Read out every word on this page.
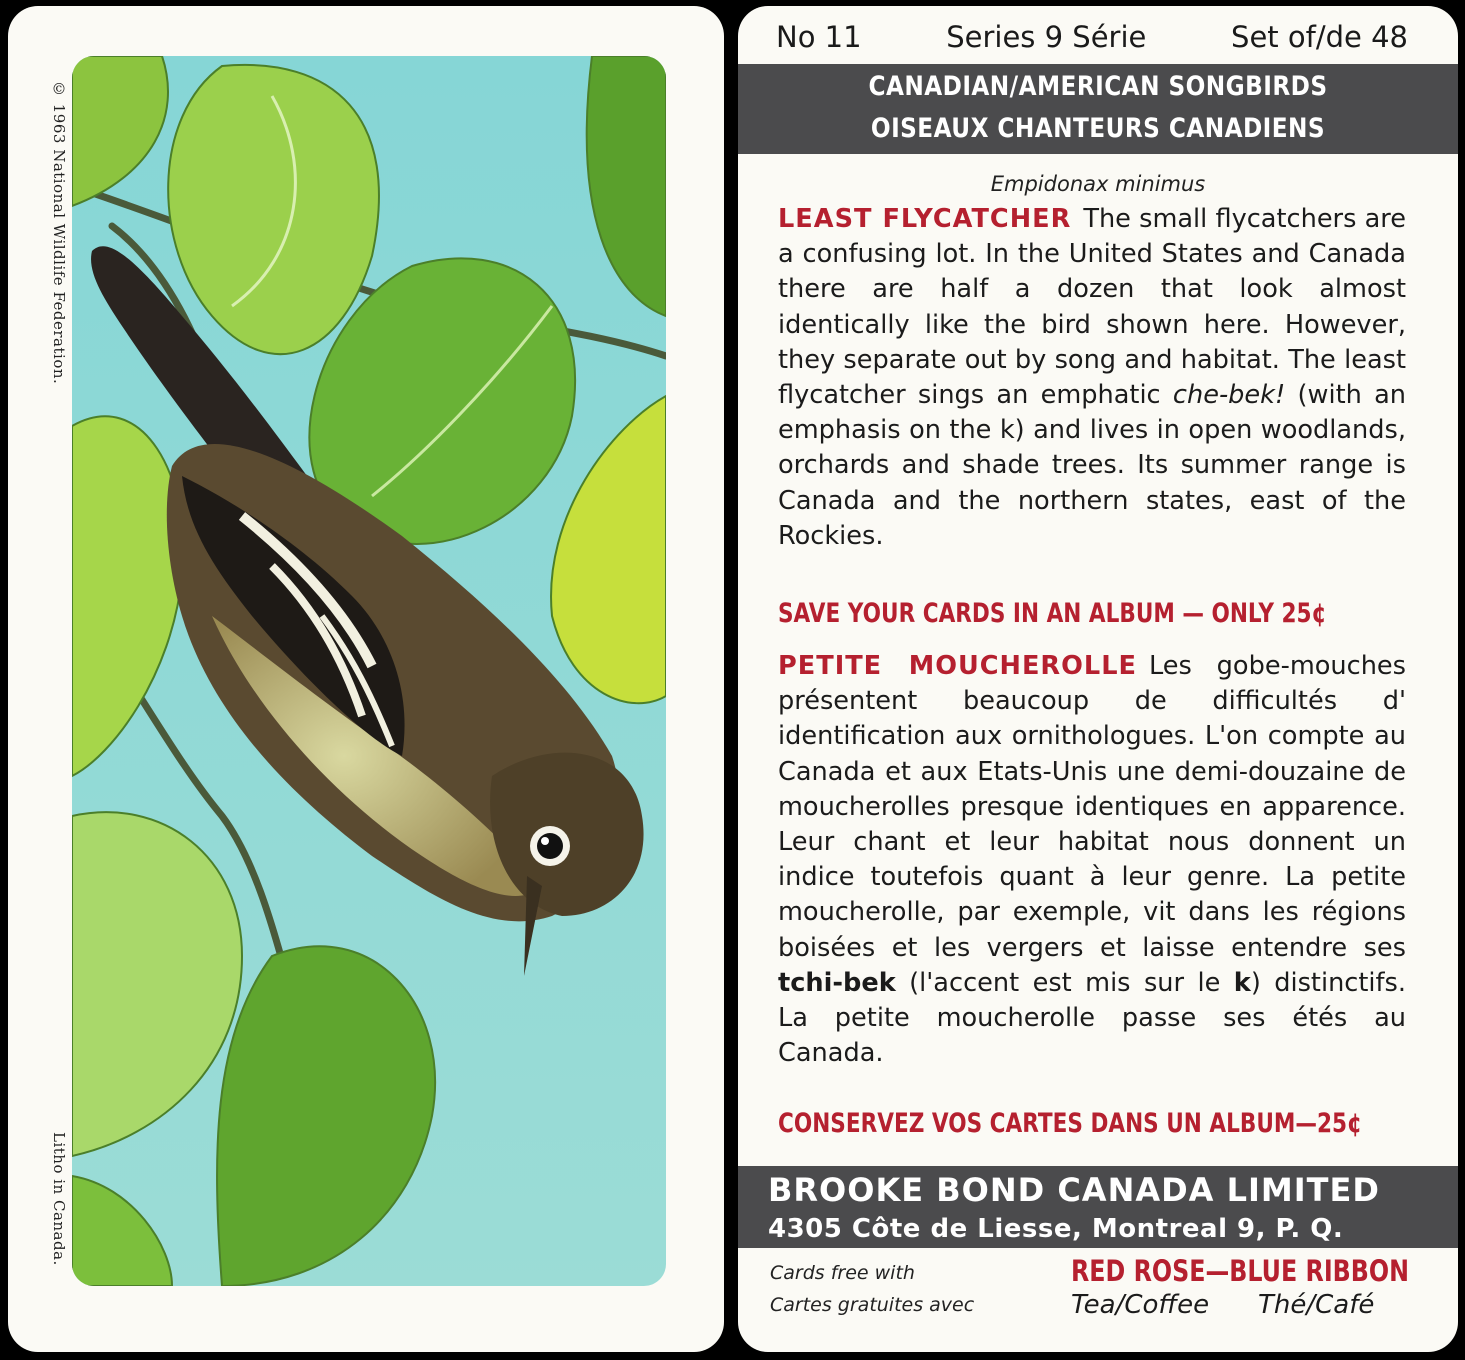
© 1963 National Wildlife Federation.
Litho in Canada.
No 11	Series 9 Série	Set of/de 48
CANADIAN/AMERICAN SONGBIRDS
OISEAUX CHANTEURS CANADIENS
Empidonax minimus
LEAST FLYCATCHER The small flycatchers are a confusing lot. In the United States and Canada there are half a dozen that look almost identically like the bird shown here. However, they separate out by song and habitat. The least flycatcher sings an emphatic che-bek! (with an emphasis on the k) and lives in open woodlands, orchards and shade trees. Its summer range is Canada and the northern states, east of the Rockies.
SAVE YOUR CARDS IN AN ALBUM — ONLY 25¢
PETITE MOUCHEROLLE Les gobe-mouches présentent beaucoup de difficultés d' identification aux ornithologues. L'on compte au Canada et aux Etats-Unis une demi-douzaine de moucherolles presque identiques en apparence. Leur chant et leur habitat nous donnent un indice toutefois quant à leur genre. La petite moucherolle, par exemple, vit dans les régions boisées et les vergers et laisse entendre ses tchi-bek (l'accent est mis sur le k) distinctifs. La petite moucherolle passe ses étés au Canada.
CONSERVEZ VOS CARTES DANS UN ALBUM—25¢
BROOKE BOND CANADA LIMITED
4305 Côte de Liesse, Montreal 9, P. Q.
Cards free with
Cartes gratuites avec
RED ROSE—BLUE RIBBON
Tea/Coffee Thé/Café
